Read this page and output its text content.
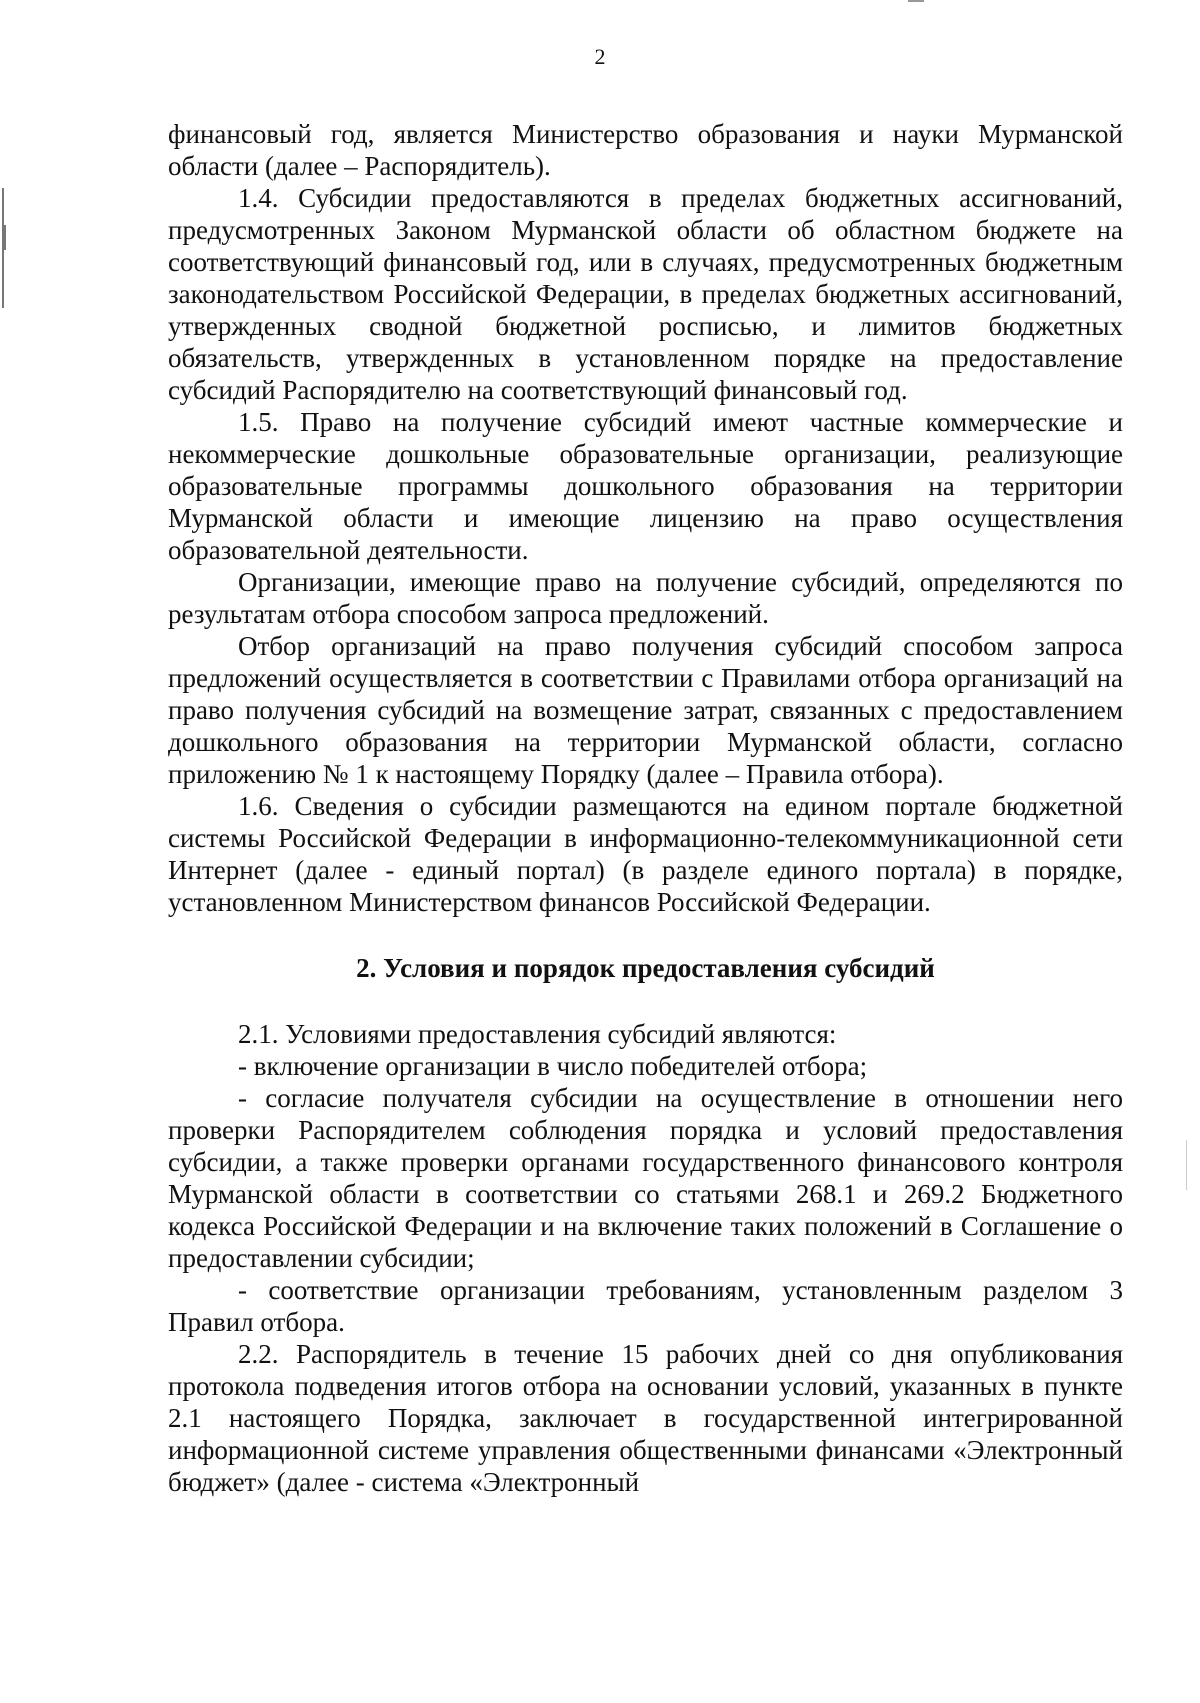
2

финансовый год, является Министерство образования и науки Мурманской области (далее – Распорядитель).

1.4. Субсидии предоставляются в пределах бюджетных ассигнований, предусмотренных Законом Мурманской области об областном бюджете на соответствующий финансовый год, или в случаях, предусмотренных бюджетным законодательством Российской Федерации, в пределах бюджетных ассигнований, утвержденных сводной бюджетной росписью, и лимитов бюджетных обязательств, утвержденных в установленном порядке на предоставление субсидий Распорядителю на соответствующий финансовый год.

1.5. Право на получение субсидий имеют частные коммерческие и некоммерческие дошкольные образовательные организации, реализующие образовательные программы дошкольного образования на территории Мурманской области и имеющие лицензию на право осуществления образовательной деятельности.

Организации, имеющие право на получение субсидий, определяются по результатам отбора способом запроса предложений.

Отбор организаций на право получения субсидий способом запроса предложений осуществляется в соответствии с Правилами отбора организаций на право получения субсидий на возмещение затрат, связанных с предоставлением дошкольного образования на территории Мурманской области, согласно приложению № 1 к настоящему Порядку (далее – Правила отбора).

1.6. Сведения о субсидии размещаются на едином портале бюджетной системы Российской Федерации в информационно-телекоммуникационной сети Интернет (далее - единый портал) (в разделе единого портала) в порядке, установленном Министерством финансов Российской Федерации.

2. Условия и порядок предоставления субсидий

2.1. Условиями предоставления субсидий являются:

- включение организации в число победителей отбора;

- согласие получателя субсидии на осуществление в отношении него проверки Распорядителем соблюдения порядка и условий предоставления субсидии, а также проверки органами государственного финансового контроля Мурманской области в соответствии со статьями 268.1 и 269.2 Бюджетного кодекса Российской Федерации и на включение таких положений в Соглашение о предоставлении субсидии;

- соответствие организации требованиям, установленным разделом 3 Правил отбора.

2.2. Распорядитель в течение 15 рабочих дней со дня опубликования протокола подведения итогов отбора на основании условий, указанных в пункте 2.1 настоящего Порядка, заключает в государственной интегрированной информационной системе управления общественными финансами «Электронный бюджет» (далее - система «Электронный
